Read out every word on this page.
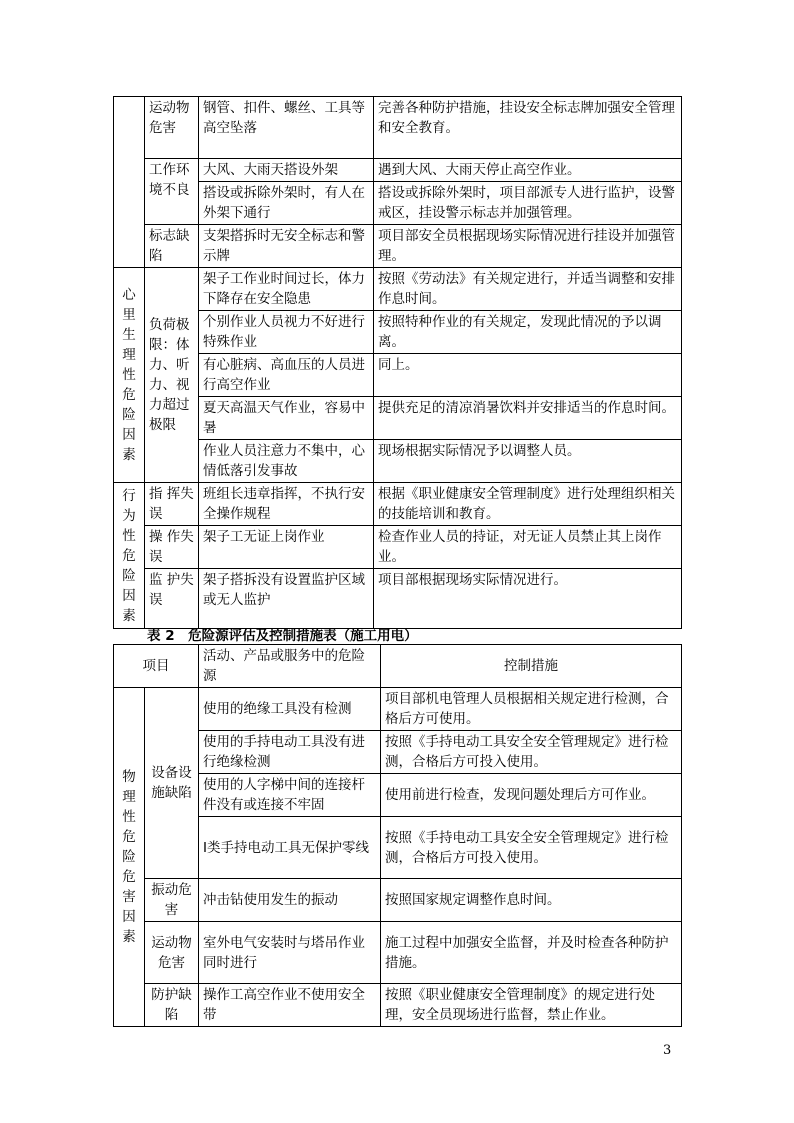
	运动物危害	钢管、扣件、螺丝、工具等高空坠落	完善各种防护措施，挂设安全标志牌加强安全管理和安全教育。
	工作环境不良	大风、大雨天搭设外架	遇到大风、大雨天停止高空作业。
		搭设或拆除外架时，有人在外架下通行	搭设或拆除外架时，项目部派专人进行监护，设警戒区，挂设警示标志并加强管理。
	标志缺陷	支架搭拆时无安全标志和警示牌	项目部安全员根据现场实际情况进行挂设并加强管理。

心里生理性危险因素	负荷极限：体力、听力、视力超过极限	架子工作业时间过长，体力下降存在安全隐患	按照《劳动法》有关规定进行，并适当调整和安排作息时间。
		个别作业人员视力不好进行特殊作业	按照特种作业的有关规定，发现此情况的予以调离。
		有心脏病、高血压的人员进行高空作业	同上。
		夏天高温天气作业，容易中暑	提供充足的清凉消暑饮料并安排适当的作息时间。
		作业人员注意力不集中，心情低落引发事故	现场根据实际情况予以调整人员。

行为性危险因素	指 挥失误	班组长违章指挥，不执行安全操作规程	根据《职业健康安全管理制度》进行处理组织相关的技能培训和教育。
	操 作失误	架子工无证上岗作业	检查作业人员的持证，对无证人员禁止其上岗作业。
	监 护失误	架子搭拆没有设置监护区域或无人监护	项目部根据现场实际情况进行。
表 2　危险源评估及控制措施表（施工用电）
项目		活动、产品或服务中的危险源	控制措施

物理性危险危害因素	设备设施缺陷	使用的绝缘工具没有检测	项目部机电管理人员根据相关规定进行检测，合格后方可使用。
		使用的手持电动工具没有进行绝缘检测	按照《手持电动工具安全安全管理规定》进行检测，合格后方可投入使用。
		使用的人字梯中间的连接杆件没有或连接不牢固	使用前进行检查，发现问题处理后方可作业。
		Ⅰ类手持电动工具无保护零线	按照《手持电动工具安全安全管理规定》进行检测，合格后方可投入使用。
	振动危害	冲击钻使用发生的振动	按照国家规定调整作息时间。
	运动物危害	室外电气安装时与塔吊作业同时进行	施工过程中加强安全监督，并及时检查各种防护措施。
	防护缺陷	操作工高空作业不使用安全带	按照《职业健康安全管理制度》的规定进行处理，安全员现场进行监督，禁止作业。
3
